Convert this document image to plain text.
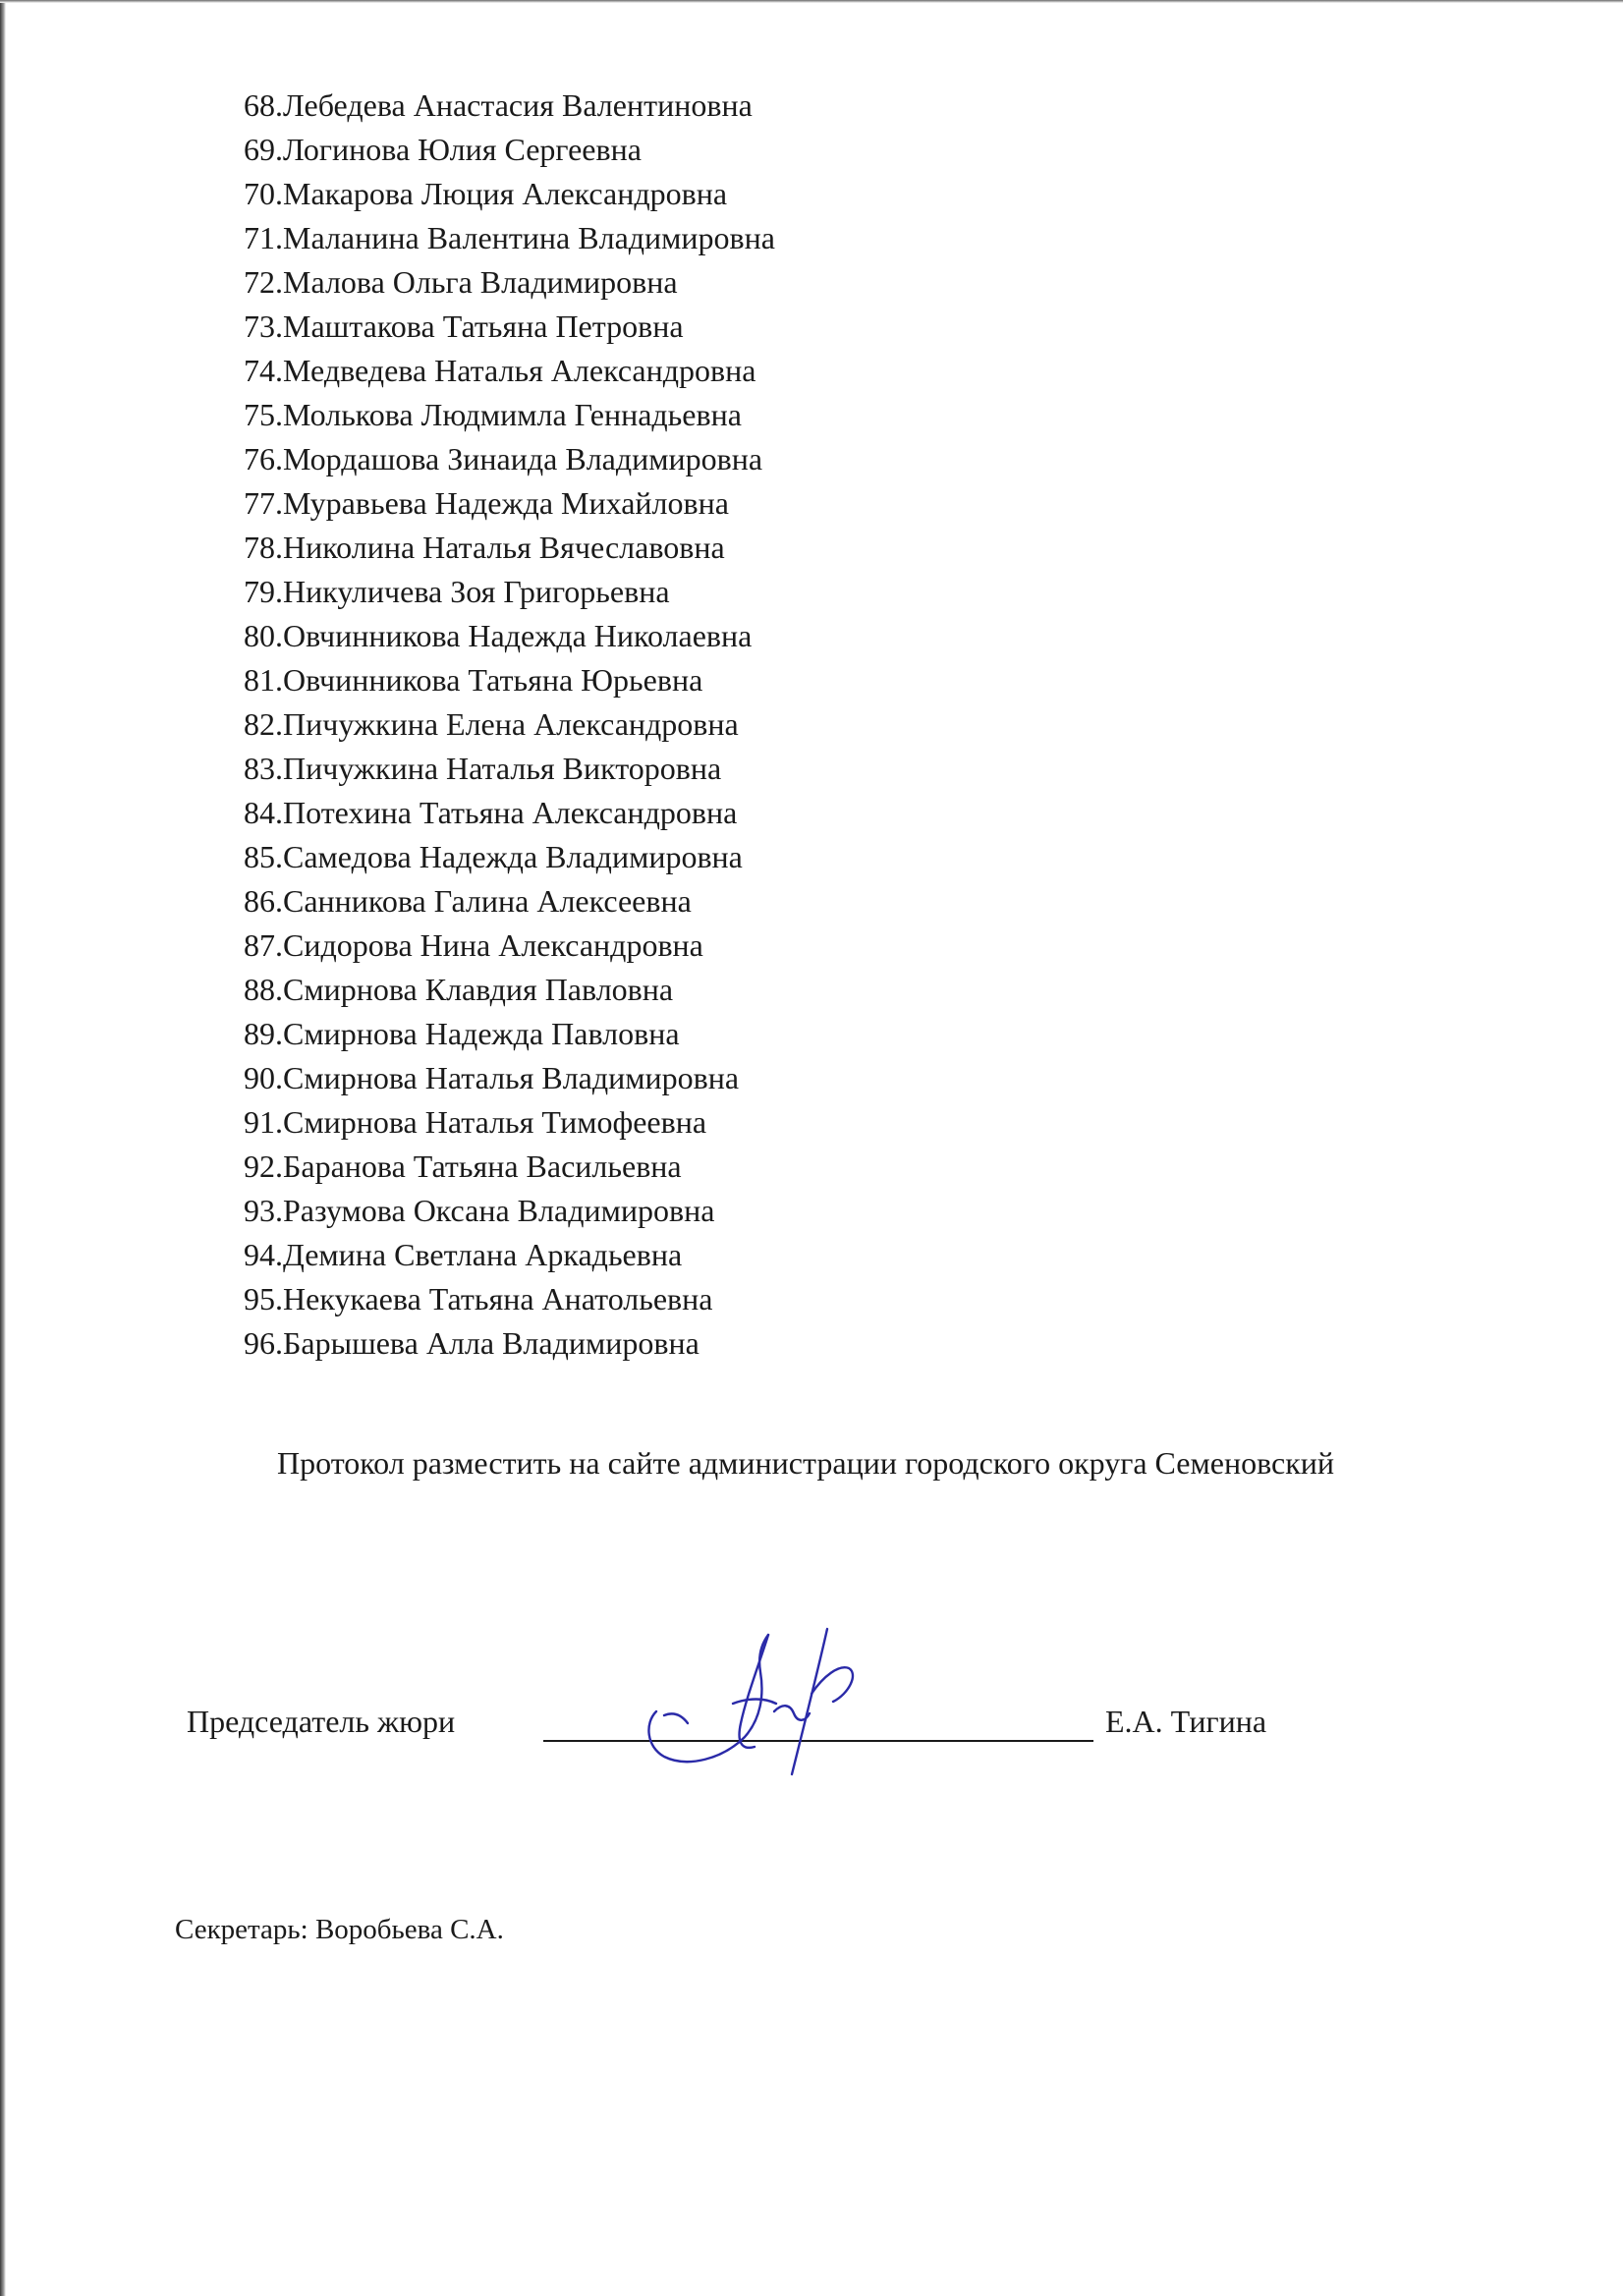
68.Лебедева Анастасия Валентиновна
69.Логинова Юлия Сергеевна
70.Макарова Люция Александровна
71.Маланина Валентина Владимировна
72.Малова Ольга Владимировна
73.Маштакова Татьяна Петровна
74.Медведева Наталья Александровна
75.Молькова Людмимла Геннадьевна
76.Мордашова Зинаида Владимировна
77.Муравьева Надежда Михайловна
78.Николина Наталья Вячеславовна
79.Никуличева Зоя Григорьевна
80.Овчинникова Надежда Николаевна
81.Овчинникова Татьяна Юрьевна
82.Пичужкина Елена Александровна
83.Пичужкина Наталья Викторовна
84.Потехина Татьяна Александровна
85.Самедова Надежда Владимировна
86.Санникова Галина Алексеевна
87.Сидорова Нина Александровна
88.Смирнова Клавдия Павловна
89.Смирнова Надежда Павловна
90.Смирнова Наталья Владимировна
91.Смирнова Наталья Тимофеевна
92.Баранова Татьяна Васильевна
93.Разумова Оксана Владимировна
94.Демина Светлана Аркадьевна
95.Некукаева Татьяна Анатольевна
96.Барышева Алла Владимировна
Протокол разместить на сайте администрации городского округа Семеновский
Председатель жюри	Е.А. Тигина
Секретарь: Воробьева С.А.
